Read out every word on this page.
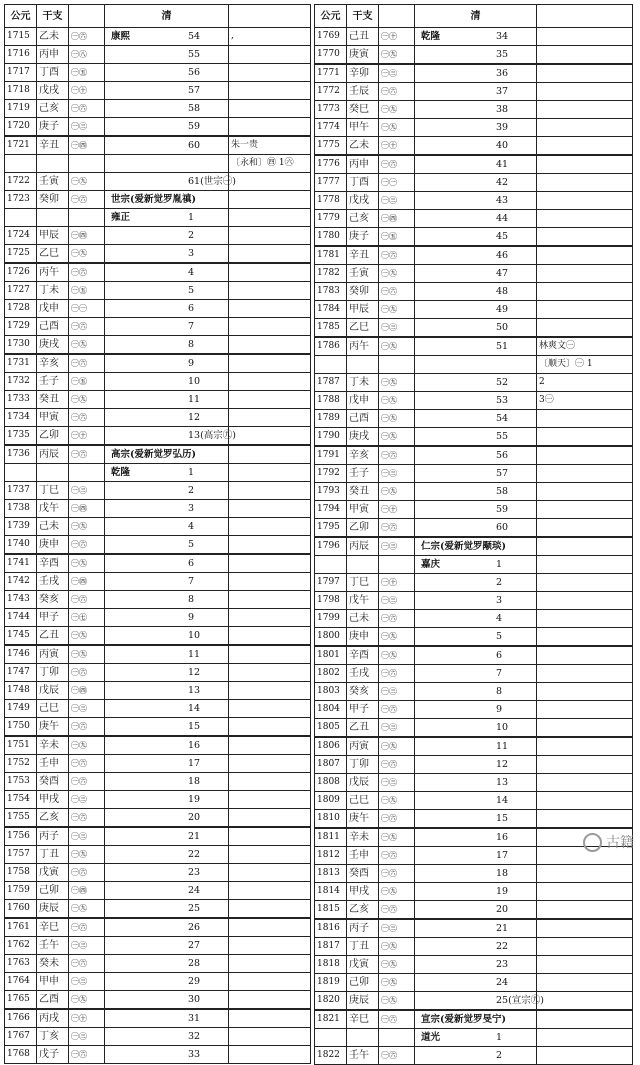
公元	干支		清	
1715	乙未	㊀㊅	康熙 54	,
1716	丙申	㊀㊇	55	

1717	丁酉	㊀㊄	56	

1718	戊戌	㊀㊉	57	

1719	己亥	㊀㊅	58	

1720	庚子	㊀㊂	59	

1721	辛丑	㊀㊃	60	朱一贵
				〔永和〕㊃ 1㊅
1722	壬寅	㊀㊈	61(世宗㊀)	

1723	癸卯	㊀㊅	世宗(爱新觉罗胤禛)	
			雍正 1	

1724	甲辰	㊀㊃	2	

1725	乙巳	㊀㊈	3	

1726	丙午	㊀㊅	4	

1727	丁未	㊀㊄	5	

1728	戊申	㊀㊀	6	

1729	己酉	㊀㊅	7	

1730	庚戌	㊀㊈	8	

1731	辛亥	㊀㊅	9	

1732	壬子	㊀㊄	10	

1733	癸丑	㊀㊈	11	

1734	甲寅	㊀㊅	12	

1735	乙卯	㊀㊉	13(高宗㊈)	

1736	丙辰	㊀㊅	高宗(爱新觉罗弘历)	
			乾隆 1	

1737	丁巳	㊀㊂	2	

1738	戊午	㊀㊃	3	

1739	己未	㊀㊈	4	

1740	庚申	㊀㊅	5	

1741	辛酉	㊀㊈	6	

1742	壬戌	㊀㊃	7	

1743	癸亥	㊀㊅	8	

1744	甲子	㊀㊆	9	

1745	乙丑	㊀㊈	10	

1746	丙寅	㊀㊈	11	

1747	丁卯	㊀㊅	12	

1748	戊辰	㊀㊃	13	

1749	己巳	㊀㊂	14	

1750	庚午	㊀㊅	15	

1751	辛未	㊀㊈	16	

1752	壬申	㊀㊅	17	

1753	癸酉	㊀㊅	18	

1754	甲戌	㊀㊂	19	

1755	乙亥	㊀㊅	20	

1756	丙子	㊀㊂	21	

1757	丁丑	㊀㊈	22	

1758	戊寅	㊀㊅	23	

1759	己卯	㊀㊃	24	

1760	庚辰	㊀㊈	25	

1761	辛巳	㊀㊅	26	

1762	壬午	㊀㊂	27	

1763	癸未	㊀㊅	28	

1764	甲申	㊀㊂	29	

1765	乙酉	㊀㊈	30	

1766	丙戌	㊀㊉	31	

1767	丁亥	㊀㊂	32	

1768	戊子	㊀㊅	33	

公元	干支		清	
1769	己丑	㊀㊉	乾隆 34	

1770	庚寅	㊀㊈	35	

1771	辛卯	㊀㊂	36	

1772	壬辰	㊀㊅	37	

1773	癸巳	㊀㊈	38	

1774	甲午	㊀㊈	39	

1775	乙未	㊀㊉	40	

1776	丙申	㊀㊅	41	

1777	丁酉	㊀㊀	42	

1778	戊戌	㊀㊂	43	

1779	己亥	㊀㊃	44	

1780	庚子	㊀㊄	45	

1781	辛丑	㊀㊅	46	

1782	壬寅	㊀㊈	47	

1783	癸卯	㊀㊅	48	

1784	甲辰	㊀㊈	49	

1785	乙巳	㊀㊂	50	

1786	丙午	㊀㊈	51	林爽文㊀
				〔顺天〕㊀ 1
1787	丁未	㊀㊈	52	2
1788	戊申	㊀㊈	53	3㊀
1789	己酉	㊀㊈	54	

1790	庚戌	㊀㊈	55	

1791	辛亥	㊀㊅	56	

1792	壬子	㊀㊂	57	

1793	癸丑	㊀㊈	58	

1794	甲寅	㊀㊉	59	

1795	乙卯	㊀㊅	60	

1796	丙辰	㊀㊂	仁宗(爱新觉罗颙琰)	
			嘉庆 1	

1797	丁巳	㊀㊉	2	

1798	戊午	㊀㊂	3	

1799	己未	㊀㊅	4	

1800	庚申	㊀㊈	5	

1801	辛酉	㊀㊈	6	

1802	壬戌	㊀㊅	7	

1803	癸亥	㊀㊂	8	

1804	甲子	㊀㊅	9	

1805	乙丑	㊀㊂	10	

1806	丙寅	㊀㊈	11	

1807	丁卯	㊀㊅	12	

1808	戊辰	㊀㊂	13	

1809	己巳	㊀㊈	14	

1810	庚午	㊀㊅	15	

1811	辛未	㊀㊈	16	

1812	壬申	㊀㊅	17	

1813	癸酉	㊀㊅	18	

1814	甲戌	㊀㊈	19	

1815	乙亥	㊀㊅	20	

1816	丙子	㊀㊂	21	

1817	丁丑	㊀㊈	22	

1818	戊寅	㊀㊈	23	

1819	己卯	㊀㊈	24	

1820	庚辰	㊀㊈	25(宣宗㊈)	

1821	辛巳	㊀㊅	宣宗(爱新觉罗旻宁)	
			道光 1	

1822	壬午	㊀㊅	2	

古籍
